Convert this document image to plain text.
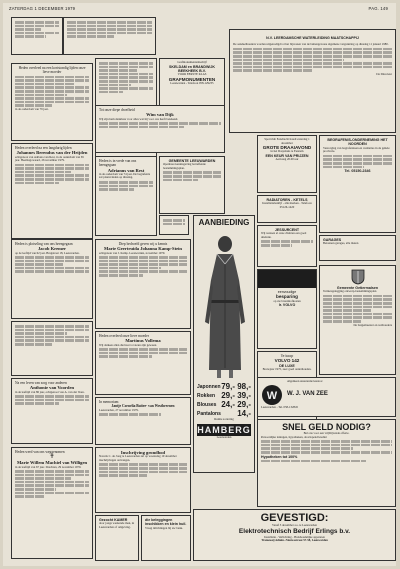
ZATERDAG 1 DECEMBER 1979	PAG. 149
Heden overleed na een kortstondig lijden onze lieve moeder
in de ouderdom van 79 jaar.
Heden overleed na een langdurig lijden
Johannes Berendus van der Heijden
echtgenoot van Adriana van Rest, in de ouderdom van 65 jaar. Heerhugowaard, 26 november 1979.
Heden is plotseling van ons heengegaan
Jacob Kremer
op de leeftijd van 62 jaar. Brugstraat 18, Leeuwarden.
Na een leven van zorg voor anderen
Anthonie van Voorden
in de leeftijd van 86 jaar, echtgenoot van A. van der Veen.
Heden werd van ons weggenomen
✝
Marie Willem Machiel van Willigen
in de leeftijd van 67 jaar. Drachten, 29 november 1979.
Grafmonumentenbedrijf
SKELDAM en BRANDWIJK BEEKHEEK B.V.
VOOR EERSTE KLAS
GRAFMONUMENTEN
Leeuwarden - Telefoon 058-129235
Tot onze diepe droefheid
Wim van Dijk
Wij zijn hem dankbaar voor alles wat hij voor ons heeft betekend.
Heden is in vrede van ons heengegaan
Adrianus van Rest
in de ouderdom van 74 jaar. De begrafenis zal plaatsvinden op dinsdag.
GEMEENTE LEEUWARDEN
Openbare kennisgeving betreffende bestemmingsplan.
Diep bedroefd geven wij u kennis
Marie Geertruida Johanna Kamp-Stein
echtgenote van J. Kamp. Leeuwarden, november 1979.
Heden overleed onze lieve moeder
Martinus Vollema
Wij danken allen die haar tot steun zijn geweest.
In memoriam
Jantje Cornelia Buitee- van Westhreenen
Leeuwarden, 27 november 1979.
Inschrijving grondbod
Notaris C. de Jong te Leeuwarden zal op woensdag 19 december inschrijvingen ontvangen.
Gezocht KAMER
door jonge werkende man, in Leeuwarden of omgeving.
die beleggingen
inschikken en klein huil.
Vraag inlichtingen bij uw bank.
AANBIEDING
Japonnen 79,- 98,-
Rokken 29,- 39,-
Blouses 24,- 29,-
Pantalons 14,-
Ruime sortering
HAMBERG
Leeuwarden
N.V. LEERDAMSCHE WATERLEIDING MAATSCHAPPIJ
De aandeelhouders worden uitgenodigd tot het bijwonen van de buitengewone algemene vergadering op dinsdag 11 januari 1980.
De Directeur
Sportclub Eendracht houdt zaterdag 1 december
GROTE DRAAIAVOND
in het Dorpshuis te Eenrum
EEN KEUR VAN PRIJZEN
Aanvang 20.00 uur
RADIATOREN - KETELS
Installatiebedrijf - alle merken - Telefoon 05126-1420
JESSURCENT
Wij wensen al onze cliënten een goed uiteinde.
eenvoudige
besparing
op uw brandstofkosten
Ir. VOLVO
Te koop
VOLVO 142
DE LUXE
Bouwjaar 1975, zeer goed onderhouden.
BEGRAFENIS-ONDERNEMING HET NOORDEN
Verzorging van begrafenissen en crematies in de gehele provincie.
Tel. 05150-2346
GARAGES
Betonnen garages, alle maten
Gemeente Getiermalsen
Terinzagelegging ontwerp-bestemmingsplan
De burgemeester en wethouders
Algemeen Assurantie kantoor
W W. J. VAN ZEE
Leeuwarden - Tel. 058-132845
SNEL GELD NODIG?
Bel ons voor een vrijblijvende offerte.
Persoonlijke leningen, hypotheken, doorlopend krediet
Hypotheken tot 100%
GEVESTIGD:
Vanaf 3 december a.s. te Leeuwarden
Elektrotechnisch Bedrijf Erlings b.v.
Installatie - Verlichting - Huishoudelijke apparaten
Tramzooij Admin.-Nieuwsstraat 57-58, Leeuwarden
